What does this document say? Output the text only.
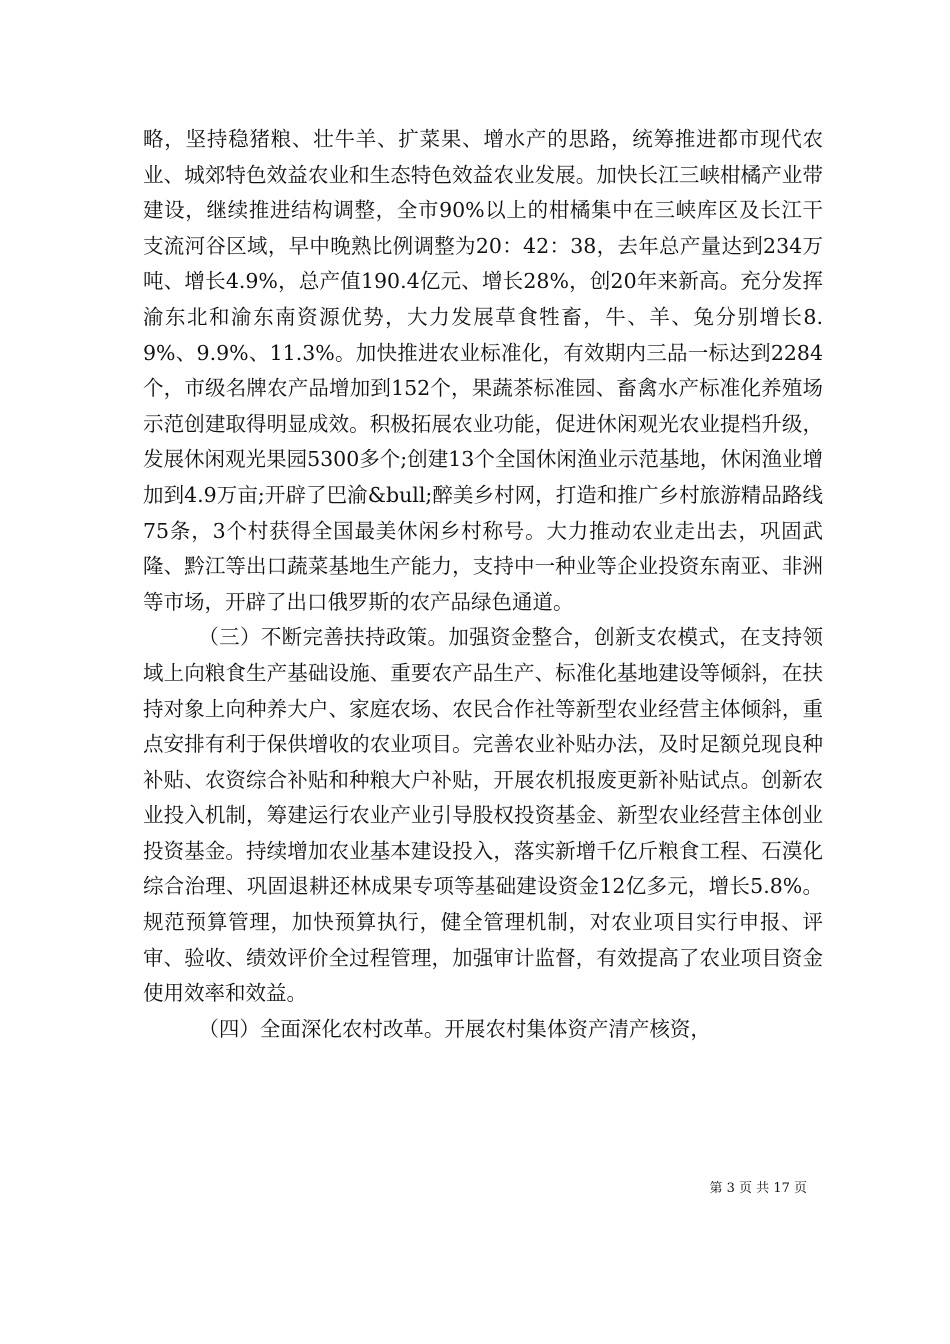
略，坚持稳猪粮、壮牛羊、扩菜果、增水产的思路，统筹推进都市现代农业、城郊特色效益农业和生态特色效益农业发展。加快长江三峡柑橘产业带建设，继续推进结构调整，全市90%以上的柑橘集中在三峡库区及长江干支流河谷区域，早中晚熟比例调整为20：42：38，去年总产量达到234万吨、增长4.9%，总产值190.4亿元、增长28%，创20年来新高。充分发挥渝东北和渝东南资源优势，大力发展草食牲畜，牛、羊、兔分别增长8.9%、9.9%、11.3%。加快推进农业标准化，有效期内三品一标达到2284个，市级名牌农产品增加到152个，果蔬茶标准园、畜禽水产标准化养殖场示范创建取得明显成效。积极拓展农业功能，促进休闲观光农业提档升级，发展休闲观光果园5300多个;创建13个全国休闲渔业示范基地，休闲渔业增加到4.9万亩;开辟了巴渝&bull;醉美乡村网，打造和推广乡村旅游精品路线75条，3个村获得全国最美休闲乡村称号。大力推动农业走出去，巩固武隆、黔江等出口蔬菜基地生产能力，支持中一种业等企业投资东南亚、非洲等市场，开辟了出口俄罗斯的农产品绿色通道。

（三）不断完善扶持政策。加强资金整合，创新支农模式，在支持领域上向粮食生产基础设施、重要农产品生产、标准化基地建设等倾斜，在扶持对象上向种养大户、家庭农场、农民合作社等新型农业经营主体倾斜，重点安排有利于保供增收的农业项目。完善农业补贴办法，及时足额兑现良种补贴、农资综合补贴和种粮大户补贴，开展农机报废更新补贴试点。创新农业投入机制，筹建运行农业产业引导股权投资基金、新型农业经营主体创业投资基金。持续增加农业基本建设投入，落实新增千亿斤粮食工程、石漠化综合治理、巩固退耕还林成果专项等基础建设资金12亿多元，增长5.8%。规范预算管理，加快预算执行，健全管理机制，对农业项目实行申报、评审、验收、绩效评价全过程管理，加强审计监督，有效提高了农业项目资金使用效率和效益。

（四）全面深化农村改革。开展农村集体资产清产核资，

第 3 页 共 17 页
